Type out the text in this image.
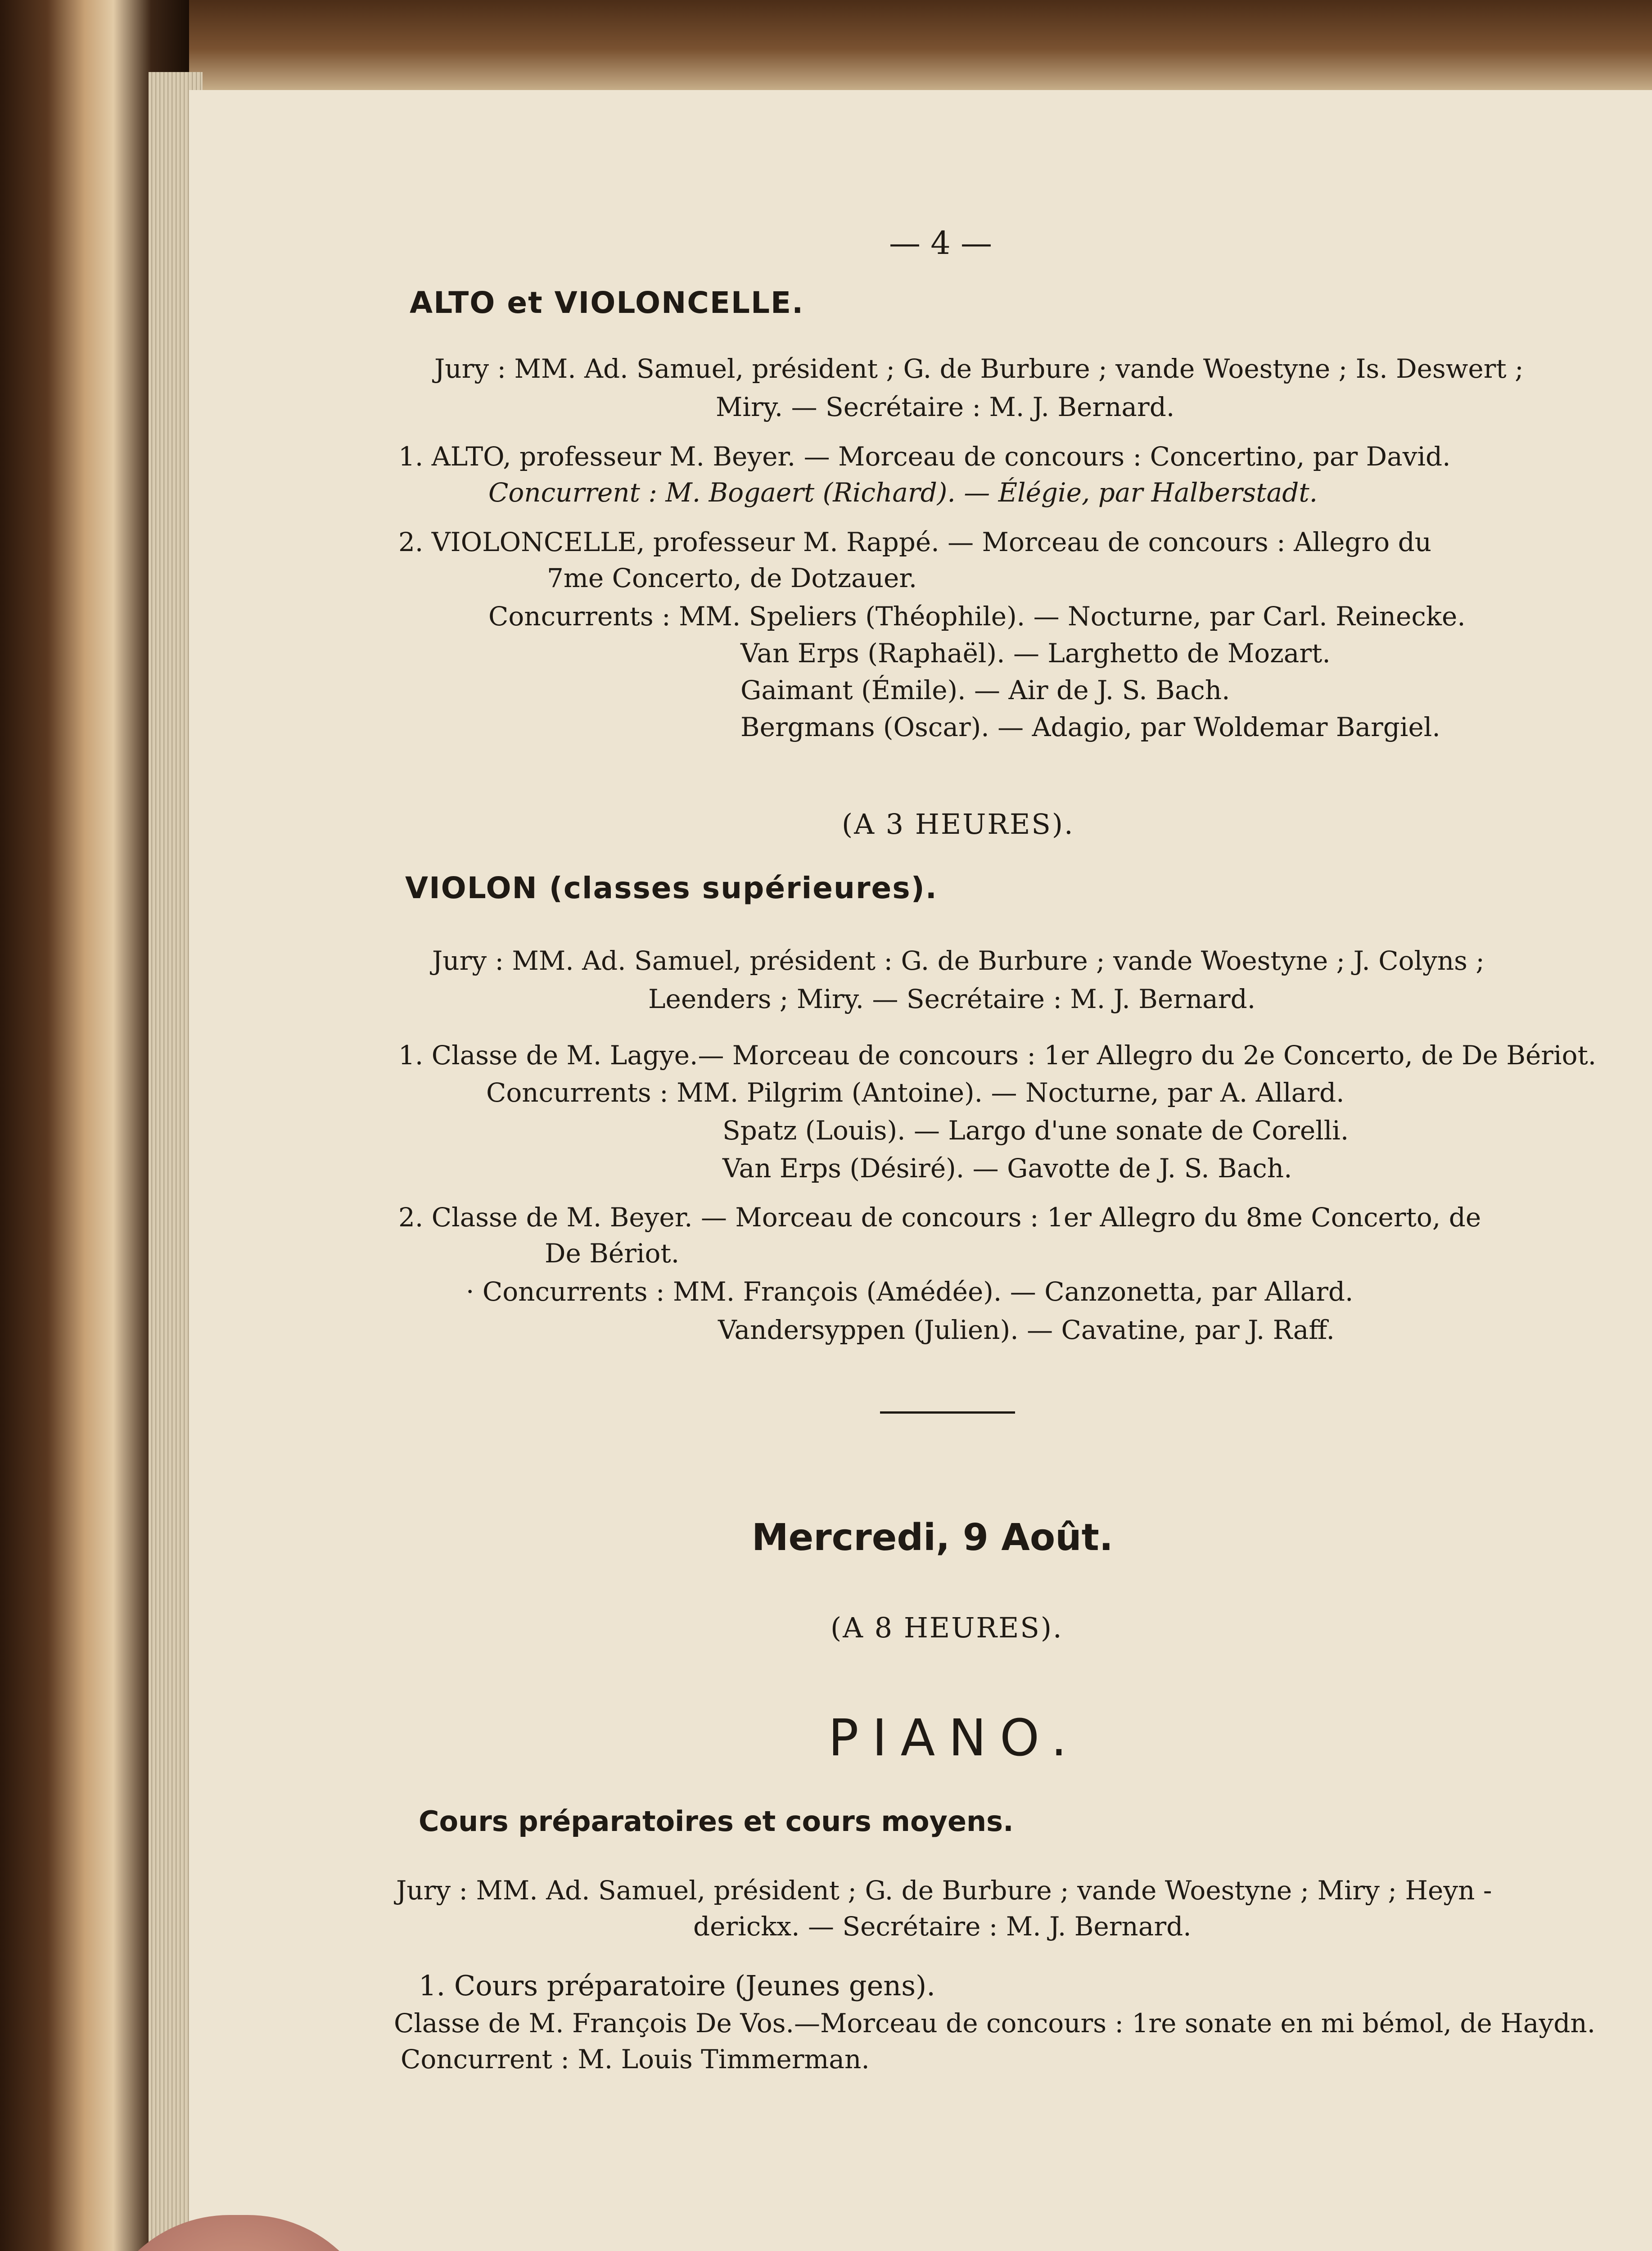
— 4 —
ALTO et VIOLONCELLE.
Jury : MM. Ad. Samuel, président ; G. de Burbure ; vande Woestyne ; Is. Deswert ;
Miry. — Secrétaire : M. J. Bernard.
1. ALTO, professeur M. Beyer. — Morceau de concours : Concertino, par David.
Concurrent : M. Bogaert (Richard). — Élégie, par Halberstadt.
2. VIOLONCELLE, professeur M. Rappé. — Morceau de concours : Allegro du
7me Concerto, de Dotzauer.
Concurrents : MM. Speliers (Théophile). — Nocturne, par Carl. Reinecke.
Van Erps (Raphaël). — Larghetto de Mozart.
Gaimant (Émile). — Air de J. S. Bach.
Bergmans (Oscar). — Adagio, par Woldemar Bargiel.
(A 3 HEURES).
VIOLON (classes supérieures).
Jury : MM. Ad. Samuel, président : G. de Burbure ; vande Woestyne ; J. Colyns ;
Leenders ; Miry. — Secrétaire : M. J. Bernard.
1. Classe de M. Lagye.— Morceau de concours : 1er Allegro du 2e Concerto, de De Bériot.
Concurrents : MM. Pilgrim (Antoine). — Nocturne, par A. Allard.
Spatz (Louis). — Largo d'une sonate de Corelli.
Van Erps (Désiré). — Gavotte de J. S. Bach.
2. Classe de M. Beyer. — Morceau de concours : 1er Allegro du 8me Concerto, de
De Bériot.
· Concurrents : MM. François (Amédée). — Canzonetta, par Allard.
Vandersyppen (Julien). — Cavatine, par J. Raff.
Mercredi, 9 Août.
(A 8 HEURES).
PIANO.
Cours préparatoires et cours moyens.
Jury : MM. Ad. Samuel, président ; G. de Burbure ; vande Woestyne ; Miry ; Heyn -
derickx. — Secrétaire : M. J. Bernard.
1. Cours préparatoire (Jeunes gens).
Classe de M. François De Vos.—Morceau de concours : 1re sonate en mi bémol, de Haydn.
Concurrent : M. Louis Timmerman.
